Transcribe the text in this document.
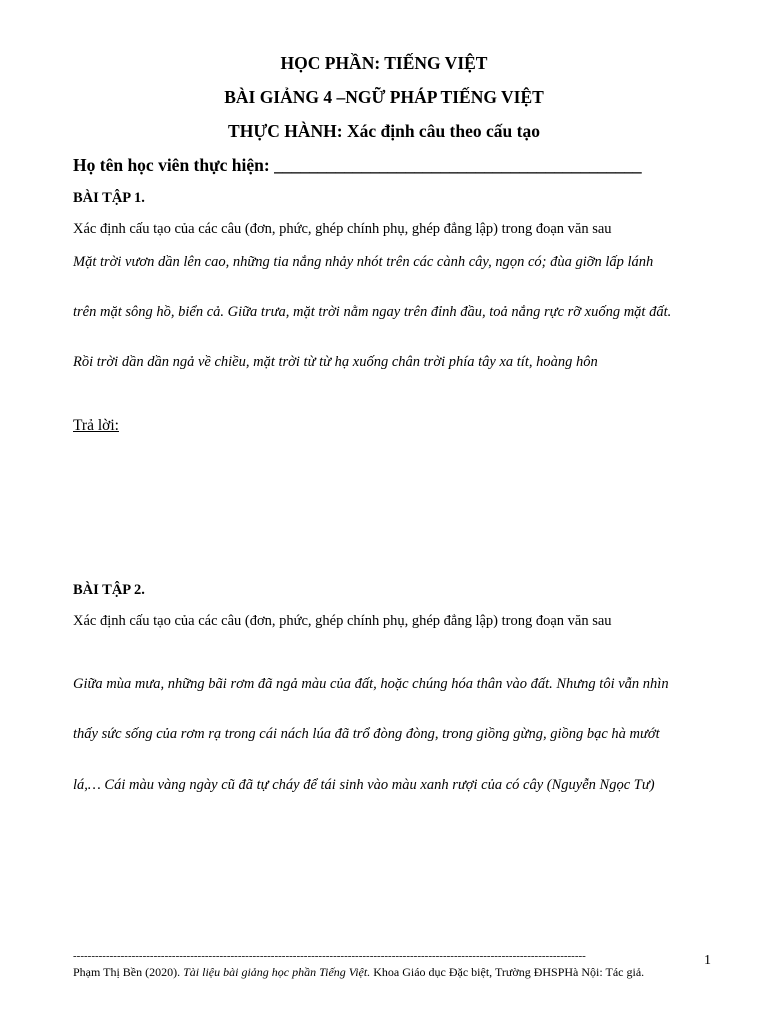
HỌC PHẦN: TIẾNG VIỆT
BÀI GIẢNG 4 –NGỮ PHÁP TIẾNG VIỆT
THỰC HÀNH: Xác định câu theo cấu tạo
Họ tên học viên thực hiện: __________________________________________
BÀI TẬP 1.
Xác định cấu tạo của các câu (đơn, phức, ghép chính phụ, ghép đẳng lập) trong đoạn văn sau
Mặt trời vươn dần lên cao, những tia nắng nhảy nhót trên các cành cây, ngọn có; đùa giỡn lấp lánh
trên mặt sông hồ, biển cả. Giữa trưa, mặt trời nằm ngay trên đỉnh đầu, toả nắng rực rỡ xuống mặt đất.
Rồi trời dần dần ngả về chiều, mặt trời từ từ hạ xuống chân trời phía tây xa tít, hoàng hôn
Trả lời:
BÀI TẬP 2.
Xác định cấu tạo của các câu (đơn, phức, ghép chính phụ, ghép đẳng lập) trong đoạn văn sau
Giữa mùa mưa, những bãi rơm đã ngả màu của đất, hoặc chúng hóa thân vào đất. Nhưng tôi vẫn nhìn
thấy sức sống của rơm rạ trong cái nách lúa đã trổ đòng đòng, trong giồng gừng, giồng bạc hà mướt
lá,… Cái màu vàng ngày cũ đã tự cháy để tái sinh vào màu xanh rượi của có cây (Nguyễn Ngọc Tư)
--------------------------------------------------------------------------------------------------------------------------------------------	1
Phạm Thị Bền (2020). Tài liệu bài giảng học phần Tiếng Việt. Khoa Giáo dục Đặc biệt, Trường ĐHSPHà Nội: Tác giả.
